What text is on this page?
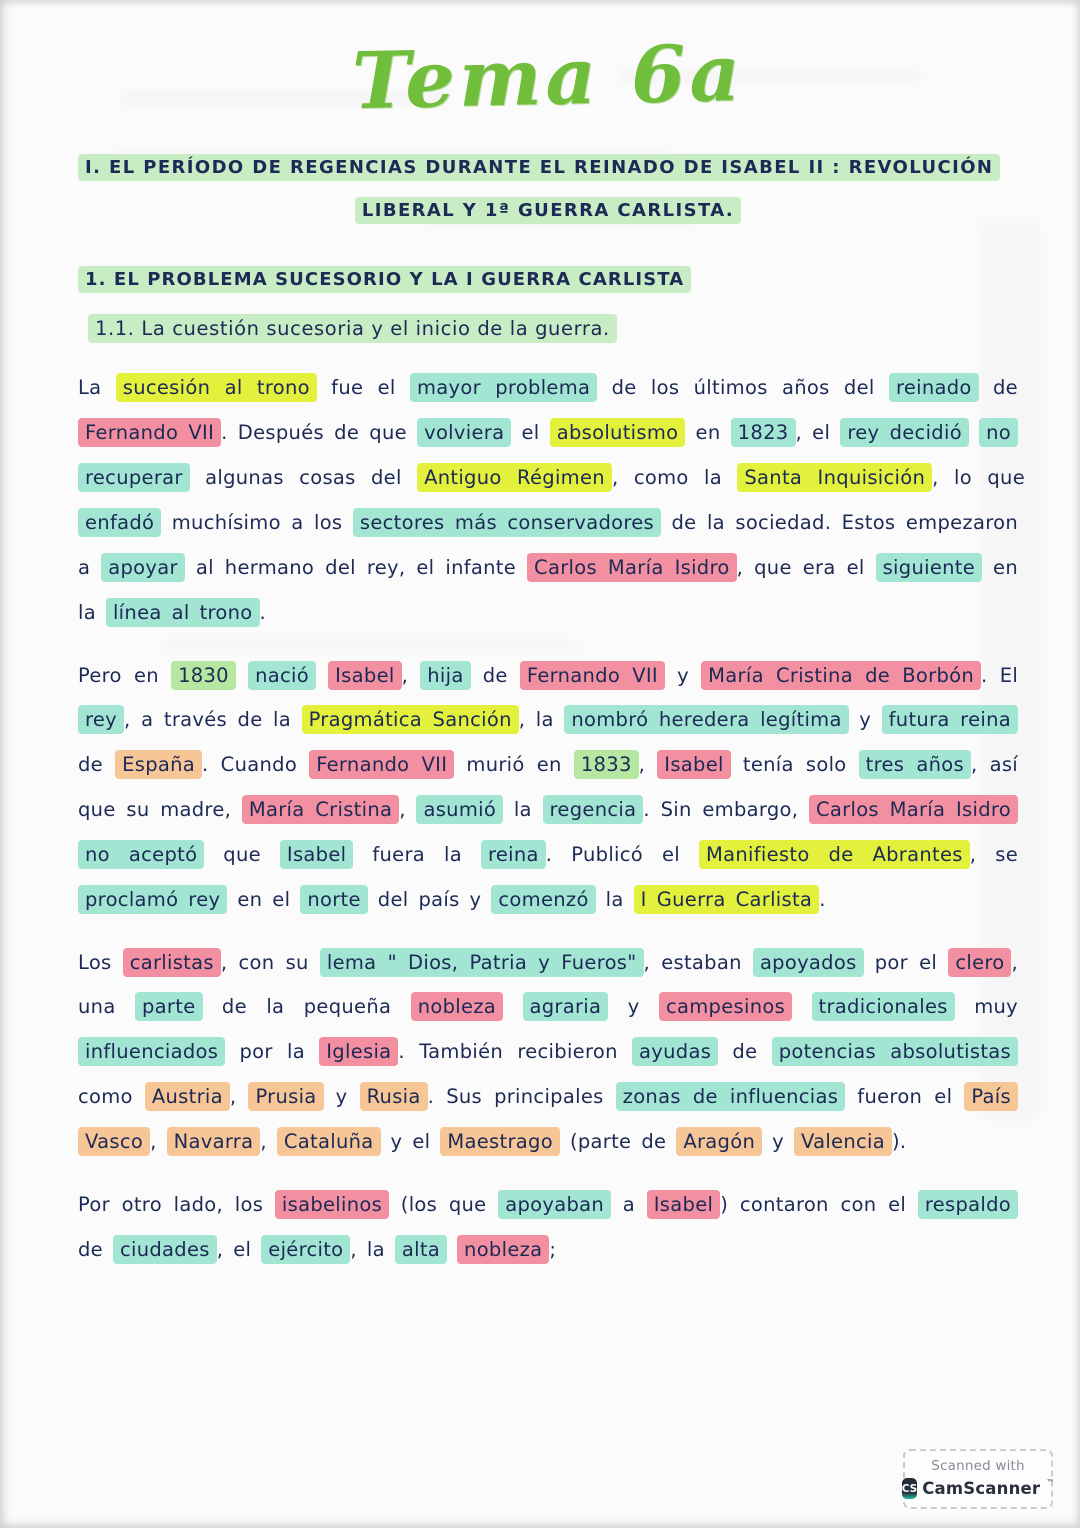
Tema 6a
I. EL PERÍODO DE REGENCIAS DURANTE EL REINADO DE ISABEL II : REVOLUCIÓN
LIBERAL Y 1ª GUERRA CARLISTA.
1. EL PROBLEMA SUCESORIO Y LA I GUERRA CARLISTA
1.1. La cuestión sucesoria y el inicio de la guerra.

La sucesión al trono fue el mayor problema de los últimos años del reinado de Fernando VII . Después de que volviera el absolutismo en 1823 , el rey decidió no recuperar algunas cosas del Antiguo Régimen , como la Santa Inquisición , lo que enfadó muchísimo a los sectores más conservadores de la sociedad. Estos empezaron a apoyar al hermano del rey, el infante Carlos María Isidro , que era el siguiente en la línea al trono .

Pero en 1830 nació Isabel , hija de Fernando VII y María Cristina de Borbón . El rey , a través de la Pragmática Sanción , la nombró heredera legítima y futura reina de España . Cuando Fernando VII murió en 1833 , Isabel tenía solo tres años , así que su madre, María Cristina , asumió la regencia . Sin embargo, Carlos María Isidro no aceptó que Isabel fuera la reina . Publicó el Manifiesto de Abrantes , se proclamó rey en el norte del país y comenzó la I Guerra Carlista .

Los carlistas , con su lema " Dios, Patria y Fueros" , estaban apoyados por el clero , una parte de la pequeña nobleza agraria y campesinos tradicionales muy influenciados por la Iglesia . También recibieron ayudas de potencias absolutistas como Austria , Prusia y Rusia . Sus principales zonas de influencias fueron el País Vasco , Navarra , Cataluña y el Maestrago (parte de Aragón y Valencia ).

Por otro lado, los isabelinos (los que apoyaban a Isabel ) contaron con el respaldo de ciudades , el ejército , la alta nobleza ;

Scanned with
CS CamScanner ™
